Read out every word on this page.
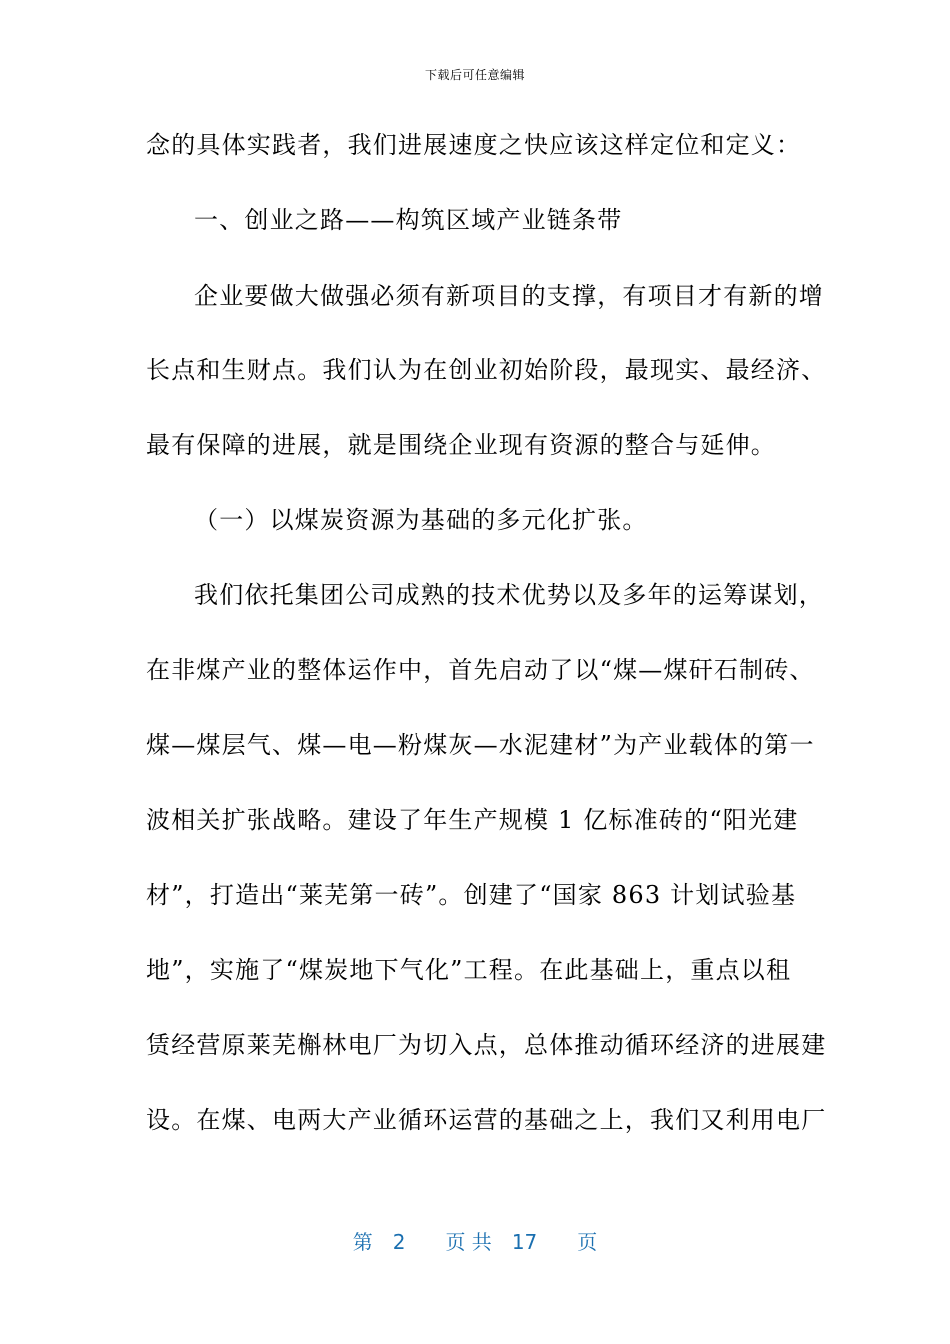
下载后可任意编辑
念的具体实践者，我们进展速度之快应该这样定位和定义：
一、创业之路——构筑区域产业链条带
企业要做大做强必须有新项目的支撑，有项目才有新的增
长点和生财点。我们认为在创业初始阶段，最现实、最经济、
最有保障的进展，就是围绕企业现有资源的整合与延伸。
（一）以煤炭资源为基础的多元化扩张。
我们依托集团公司成熟的技术优势以及多年的运筹谋划，
在非煤产业的整体运作中，首先启动了以“煤—煤矸石制砖、
煤—煤层气、煤—电—粉煤灰—水泥建材”为产业载体的第一
波相关扩张战略。建设了年生产规模 1 亿标准砖的“阳光建
材”，打造出“莱芜第一砖”。创建了“国家 863 计划试验基
地”，实施了“煤炭地下气化”工程。在此基础上，重点以租
赁经营原莱芜槲林电厂为切入点，总体推动循环经济的进展建
设。在煤、电两大产业循环运营的基础之上，我们又利用电厂
第 2 页 共 17 页
